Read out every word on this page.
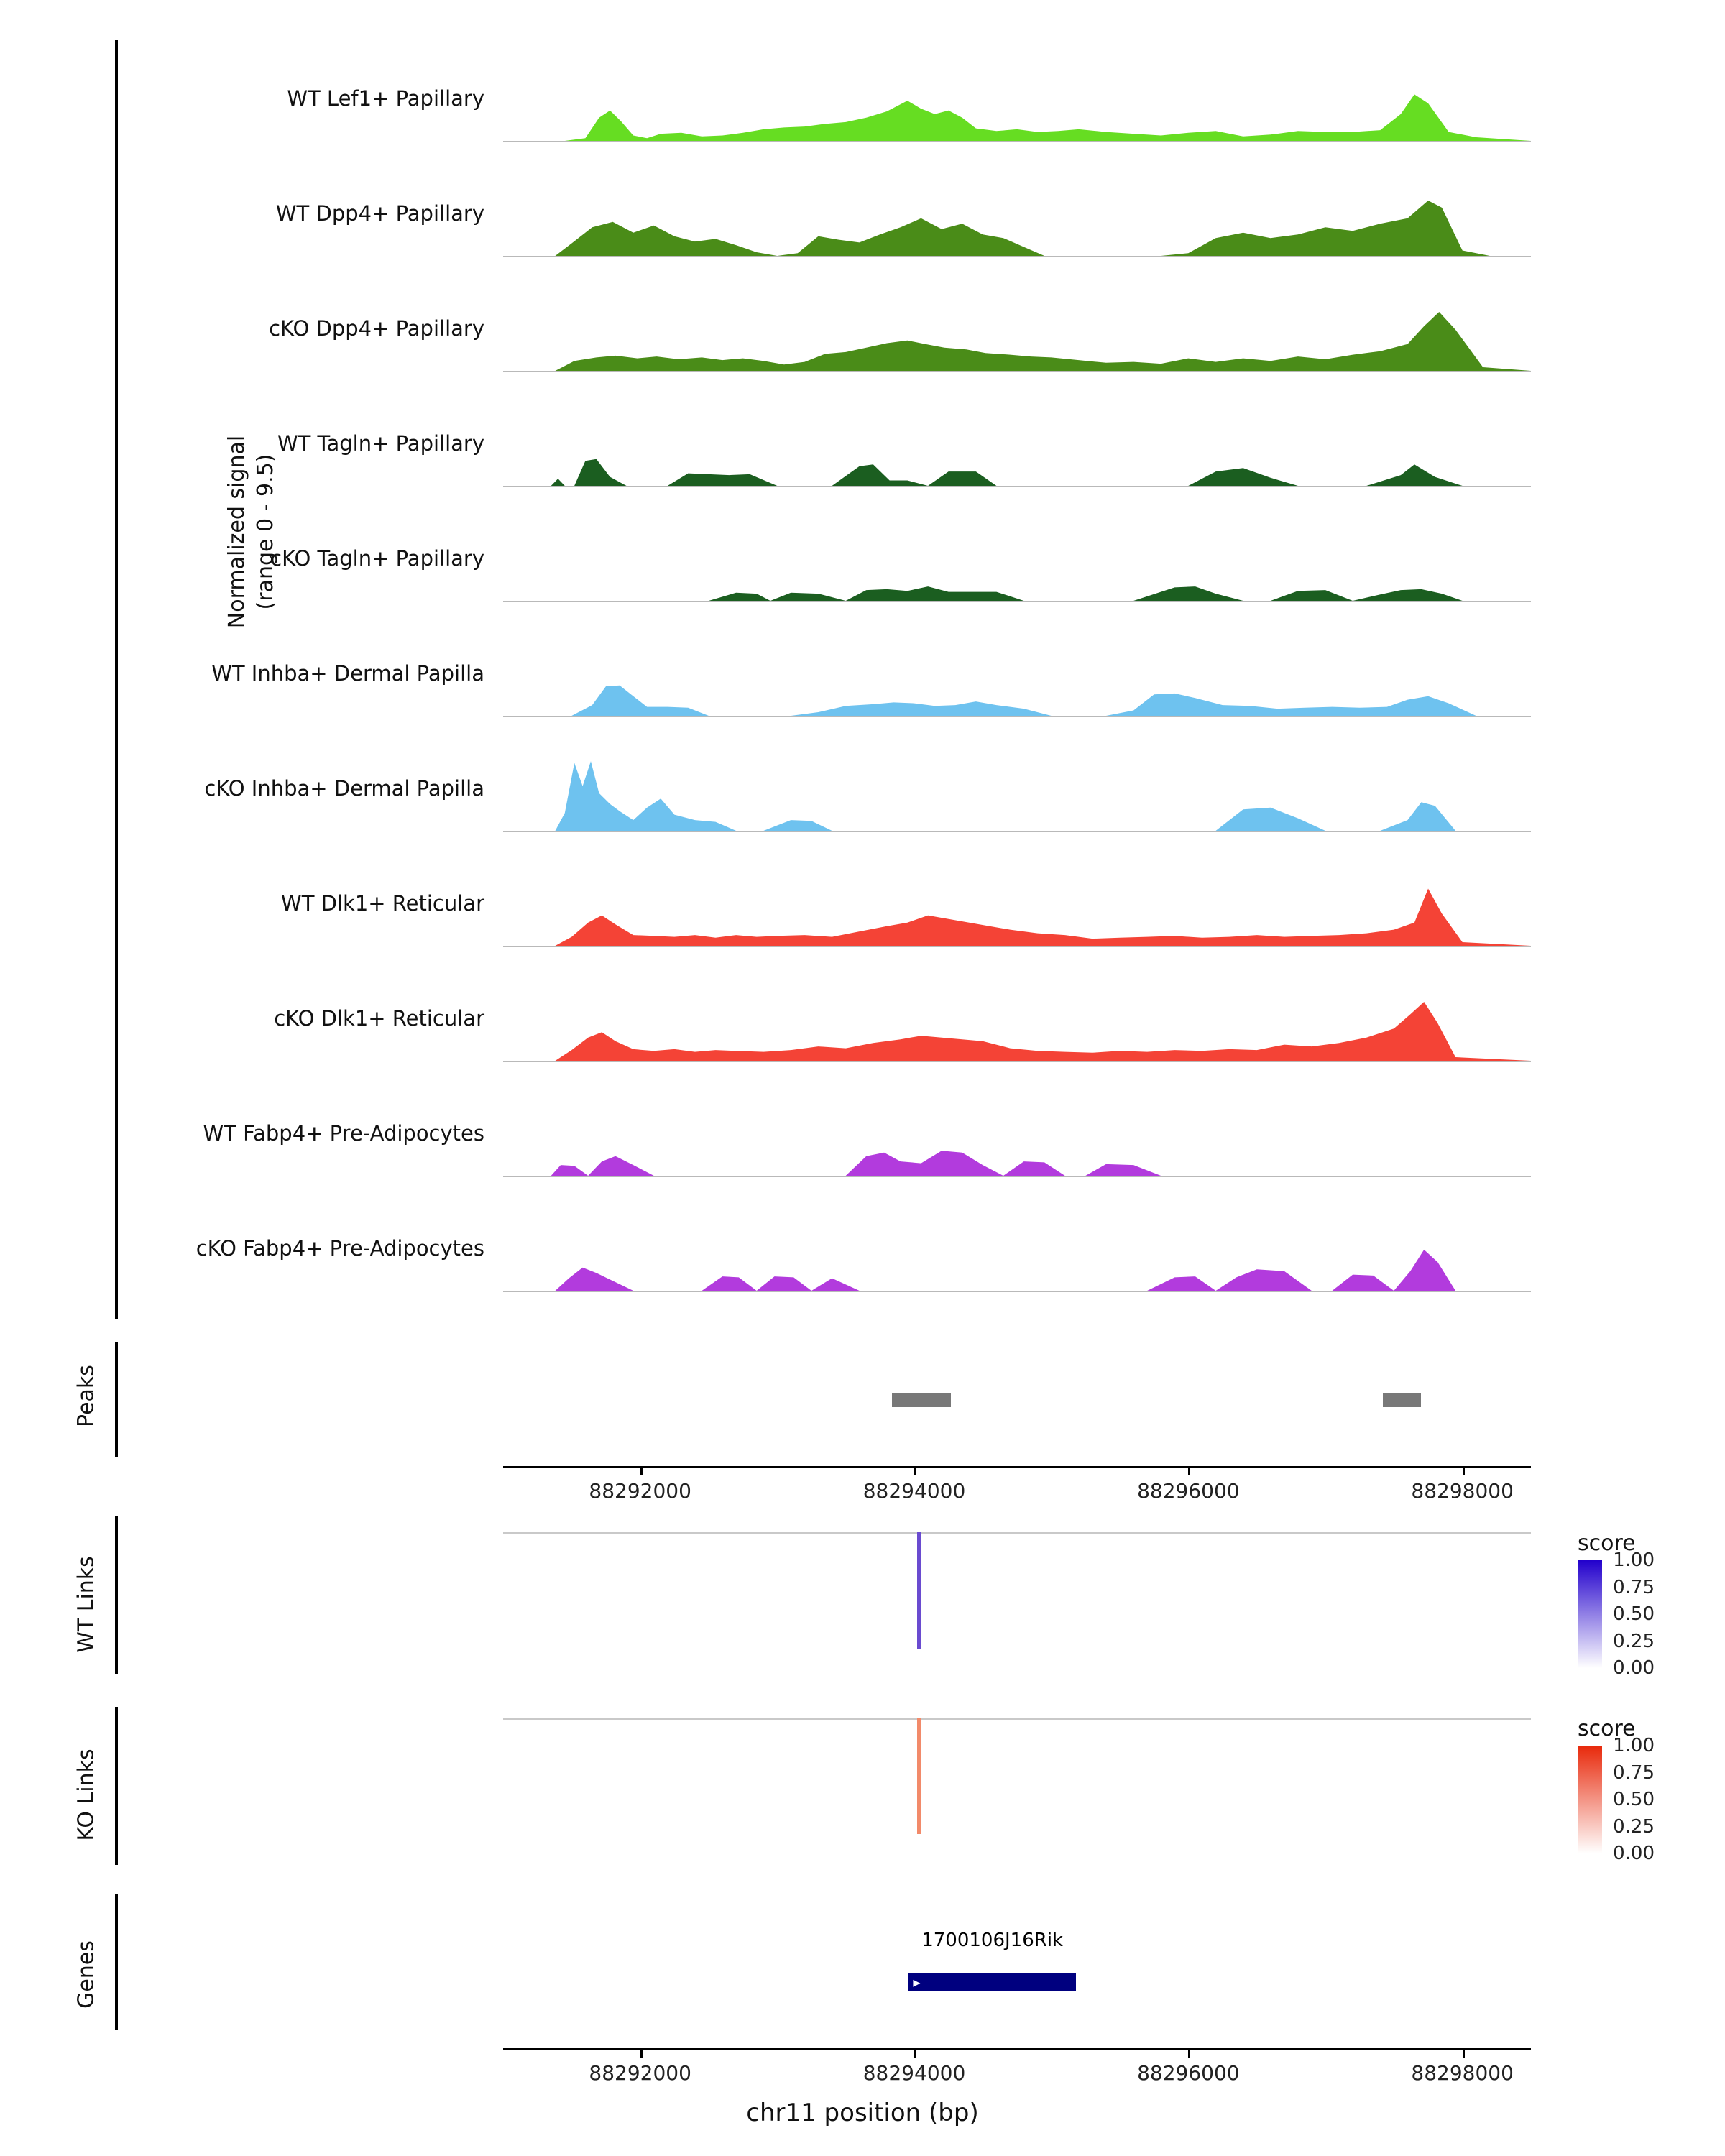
Normalized signal (range 0 - 9.5)
WT Lef1+ Papillary
WT Dpp4+ Papillary
cKO Dpp4+ Papillary
WT Tagln+ Papillary
cKO Tagln+ Papillary
WT Inhba+ Dermal Papilla
cKO Inhba+ Dermal Papilla
WT Dlk1+ Reticular
cKO Dlk1+ Reticular
WT Fabp4+ Pre-Adipocytes
cKO Fabp4+ Pre-Adipocytes
Peaks
88292000	88294000	88296000	88298000
WT Links
score

1.00
0.75
0.50
0.25
0.00
KO Links
score

1.00
0.75
0.50
0.25
0.00
Genes
1700106J16Rik
▸
88292000	88294000	88296000	88298000
chr11 position (bp)
